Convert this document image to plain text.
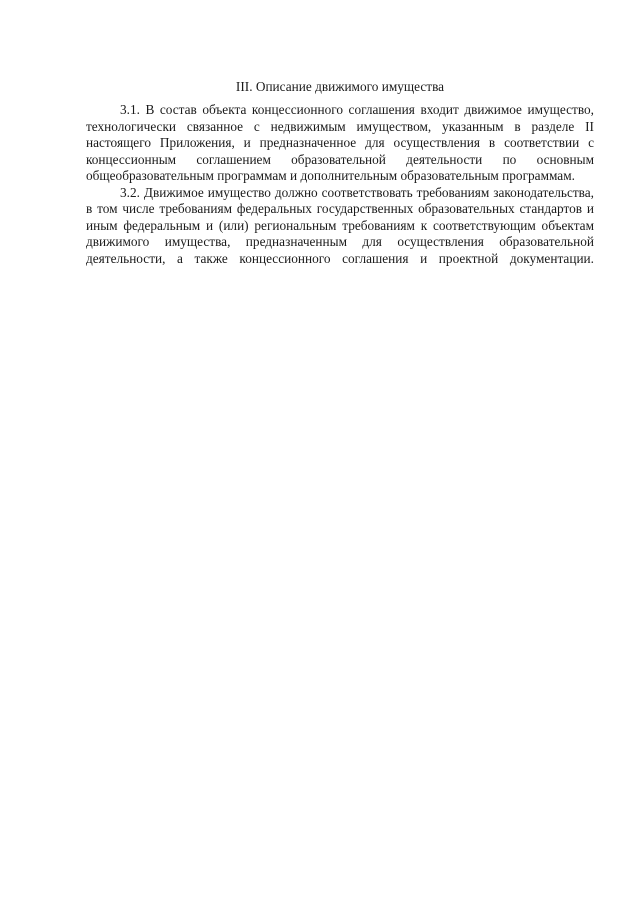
III. Описание движимого имущества

3.1. В состав объекта концессионного соглашения входит движимое имущество, технологически связанное с недвижимым имуществом, указанным в разделе II настоящего Приложения, и предназначенное для осуществления в соответствии с концессионным соглашением образовательной деятельности по основным общеобразовательным программам и дополнительным образовательным программам.

3.2. Движимое имущество должно соответствовать требованиям законодательства, в том числе требованиям федеральных государственных образовательных стандартов и иным федеральным и (или) региональным требованиям к соответствующим объектам движимого имущества, предназначенным для осуществления образовательной деятельности, а также концессионного соглашения и проектной документации.
